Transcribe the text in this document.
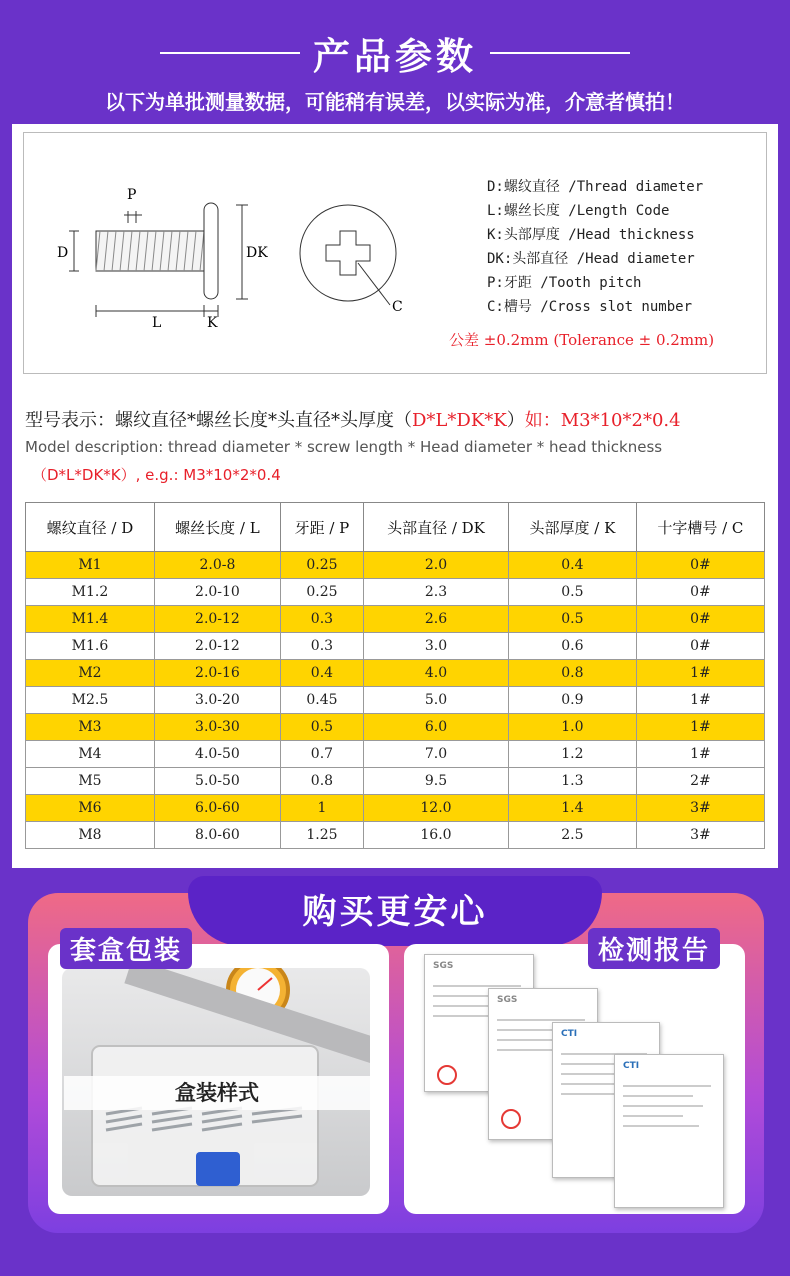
产品参数
以下为单批测量数据，可能稍有误差，以实际为准，介意者慎拍！
P
D	DK
L	K
C
D:螺纹直径 /Thread diameter
L:螺丝长度 /Length Code
K:头部厚度 /Head thickness
DK:头部直径 /Head diameter
P:牙距 /Tooth pitch
C:槽号 /Cross slot number
公差 ±0.2mm (Tolerance ± 0.2mm)
型号表示：螺纹直径*螺丝长度*头直径*头厚度（D*L*DK*K）如：M3*10*2*0.4
Model description: thread diameter * screw length * Head diameter * head thickness
（D*L*DK*K）, e.g.: M3*10*2*0.4
螺纹直径 / D	螺丝长度 / L	牙距 / P	头部直径 / DK	头部厚度 / K	十字槽号 / C
M1	2.0-8	0.25	2.0	0.4	0#
M1.2	2.0-10	0.25	2.3	0.5	0#
M1.4	2.0-12	0.3	2.6	0.5	0#
M1.6	2.0-12	0.3	3.0	0.6	0#
M2	2.0-16	0.4	4.0	0.8	1#
M2.5	3.0-20	0.45	5.0	0.9	1#
M3	3.0-30	0.5	6.0	1.0	1#
M4	4.0-50	0.7	7.0	1.2	1#
M5	5.0-50	0.8	9.5	1.3	2#
M6	6.0-60	1	12.0	1.4	3#
M8	8.0-60	1.25	16.0	2.5	3#
购买更安心
盒装样式
SGS
SGS
CTI
CTI
套盒包装	检测报告
